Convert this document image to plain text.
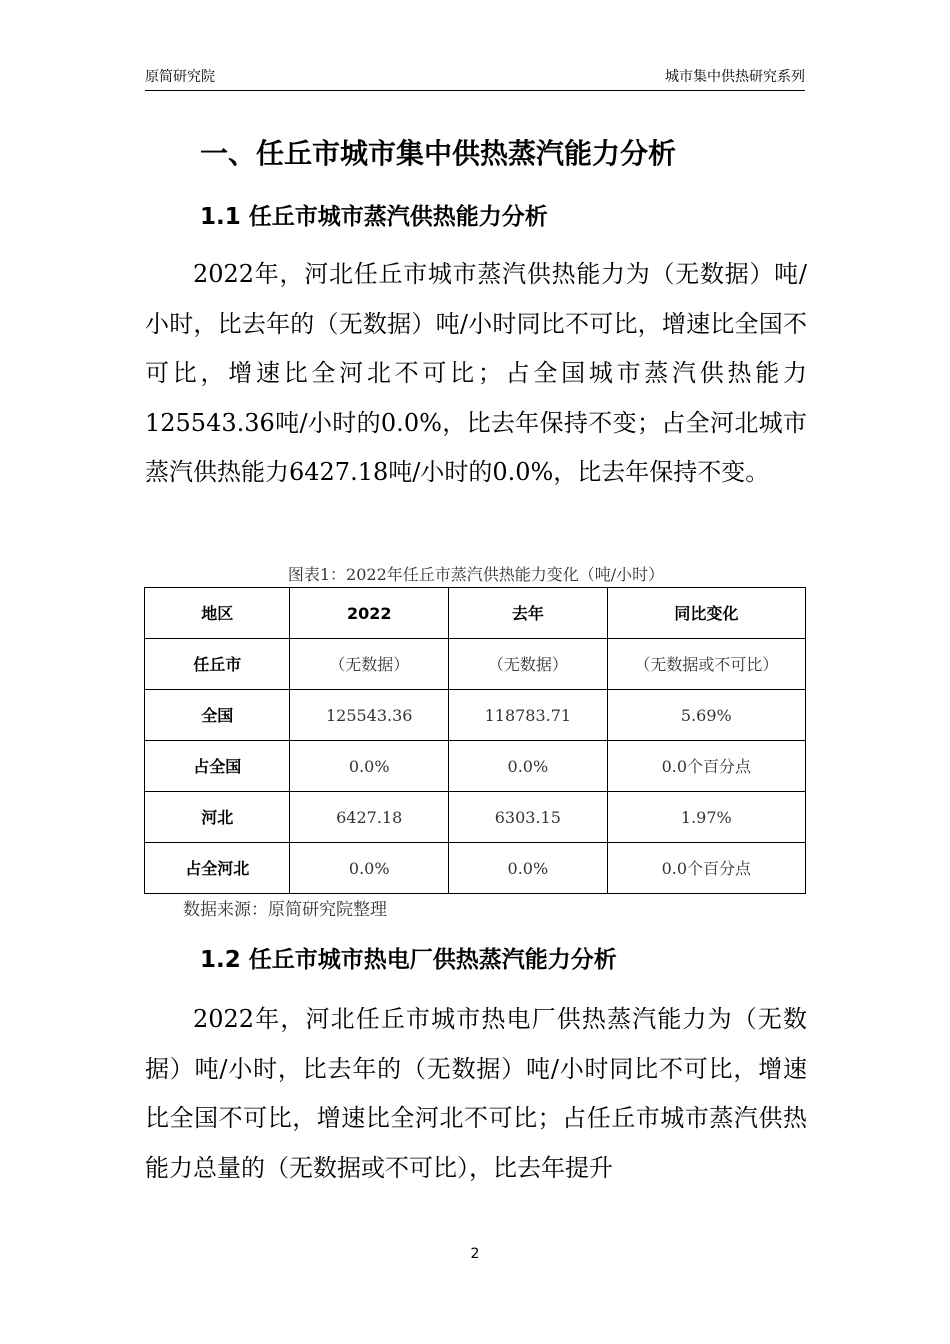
原简研究院	城市集中供热研究系列
一、任丘市城市集中供热蒸汽能力分析
1.1 任丘市城市蒸汽供热能力分析
2022年，河北任丘市城市蒸汽供热能力为（无数据）吨/小时，比去年的（无数据）吨/小时同比不可比，增速比全国不可比，增速比全河北不可比；占全国城市蒸汽供热能力125543.36吨/小时的0.0%，比去年保持不变；占全河北城市蒸汽供热能力6427.18吨/小时的0.0%，比去年保持不变。
图表1：2022年任丘市蒸汽供热能力变化（吨/小时）
地区	2022	去年	同比变化
任丘市	（无数据）	（无数据）	（无数据或不可比）
全国	125543.36	118783.71	5.69%
占全国	0.0%	0.0%	0.0个百分点
河北	6427.18	6303.15	1.97%
占全河北	0.0%	0.0%	0.0个百分点
数据来源：原简研究院整理
1.2 任丘市城市热电厂供热蒸汽能力分析
2022年，河北任丘市城市热电厂供热蒸汽能力为（无数据）吨/小时，比去年的（无数据）吨/小时同比不可比，增速比全国不可比，增速比全河北不可比；占任丘市城市蒸汽供热能力总量的（无数据或不可比），比去年提升
2
